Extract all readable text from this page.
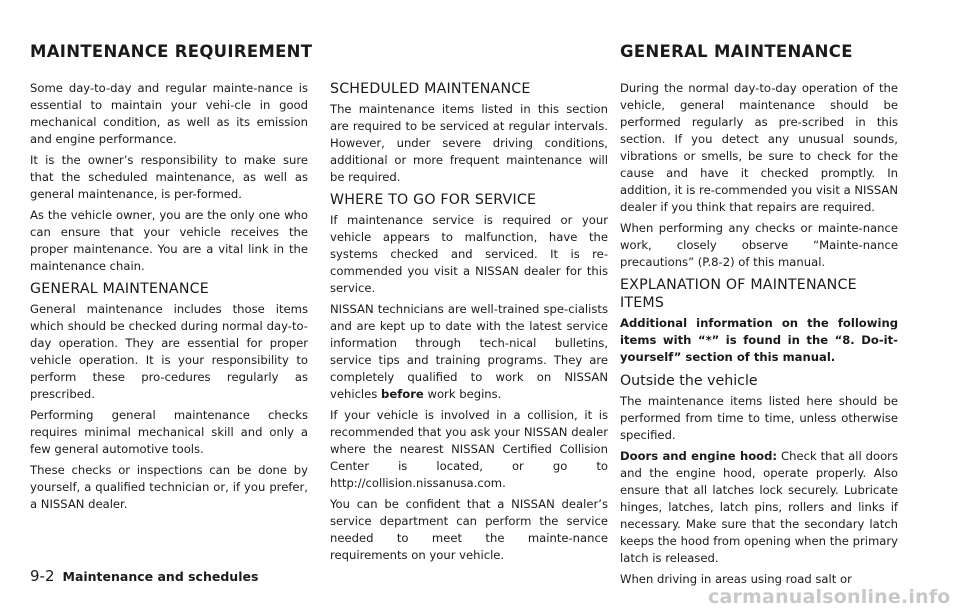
MAINTENANCE REQUIREMENT	GENERAL MAINTENANCE

Some day-to-day and regular mainte-nance is essential to maintain your vehi-cle in good mechanical condition, as well as its emission and engine performance.

It is the owner’s responsibility to make sure that the scheduled maintenance, as well as general maintenance, is per-formed.

As the vehicle owner, you are the only one who can ensure that your vehicle receives the proper maintenance. You are a vital link in the maintenance chain.

GENERAL MAINTENANCE

General maintenance includes those items which should be checked during normal day-to-day operation. They are essential for proper vehicle operation. It is your responsibility to perform these pro-cedures regularly as prescribed.

Performing general maintenance checks requires minimal mechanical skill and only a few general automotive tools.

These checks or inspections can be done by yourself, a qualified technician or, if you prefer, a NISSAN dealer.

SCHEDULED MAINTENANCE

The maintenance items listed in this section are required to be serviced at regular intervals. However, under severe driving conditions, additional or more frequent maintenance will be required.

WHERE TO GO FOR SERVICE

If maintenance service is required or your vehicle appears to malfunction, have the systems checked and serviced. It is re-commended you visit a NISSAN dealer for this service.

NISSAN technicians are well-trained spe-cialists and are kept up to date with the latest service information through tech-nical bulletins, service tips and training programs. They are completely qualified to work on NISSAN vehicles before work begins.

If your vehicle is involved in a collision, it is recommended that you ask your NISSAN dealer where the nearest NISSAN Certified Collision Center is located, or go to http://collision.nissanusa.com.

You can be confident that a NISSAN dealer’s service department can perform the service needed to meet the mainte-nance requirements on your vehicle.

During the normal day-to-day operation of the vehicle, general maintenance should be performed regularly as pre-scribed in this section. If you detect any unusual sounds, vibrations or smells, be sure to check for the cause and have it checked promptly. In addition, it is re-commended you visit a NISSAN dealer if you think that repairs are required.

When performing any checks or mainte-nance work, closely observe “Mainte-nance precautions” (P.8-2) of this manual.

EXPLANATION OF MAINTENANCE ITEMS

Additional information on the following items with “*” is found in the “8. Do-it-yourself” section of this manual.

Outside the vehicle

The maintenance items listed here should be performed from time to time, unless otherwise specified.

Doors and engine hood: Check that all doors and the engine hood, operate properly. Also ensure that all latches lock securely. Lubricate hinges, latches, latch pins, rollers and links if necessary. Make sure that the secondary latch keeps the hood from opening when the primary latch is released.

When driving in areas using road salt or

9-2 Maintenance and schedules
carmanualsonline.info
